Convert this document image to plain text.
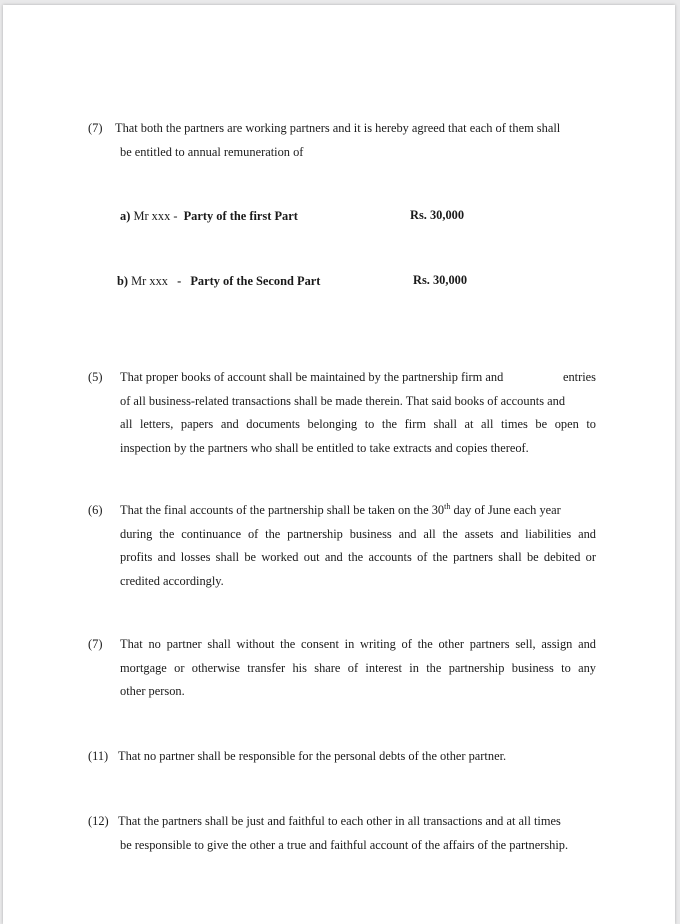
(7) That both the partners are working partners and it is hereby agreed that each of them shall
be entitled to annual remuneration of
a) Mr xxx - Party of the first Part	Rs. 30,000
b) Mr xxx - Party of the Second Part	Rs. 30,000
(5) That proper books of account shall be maintained by the partnership firm and	entries
of all business-related transactions shall be made therein. That said books of accounts and
all letters, papers and documents belonging to the firm shall at all times be open to
inspection by the partners who shall be entitled to take extracts and copies thereof.
(6) That the final accounts of the partnership shall be taken on the 30th day of June each year
during the continuance of the partnership business and all the assets and liabilities and
profits and losses shall be worked out and the accounts of the partners shall be debited or
credited accordingly.
(7) That no partner shall without the consent in writing of the other partners sell, assign and
mortgage or otherwise transfer his share of interest in the partnership business to any
other person.
(11) That no partner shall be responsible for the personal debts of the other partner.
(12) That the partners shall be just and faithful to each other in all transactions and at all times
be responsible to give the other a true and faithful account of the affairs of the partnership.
